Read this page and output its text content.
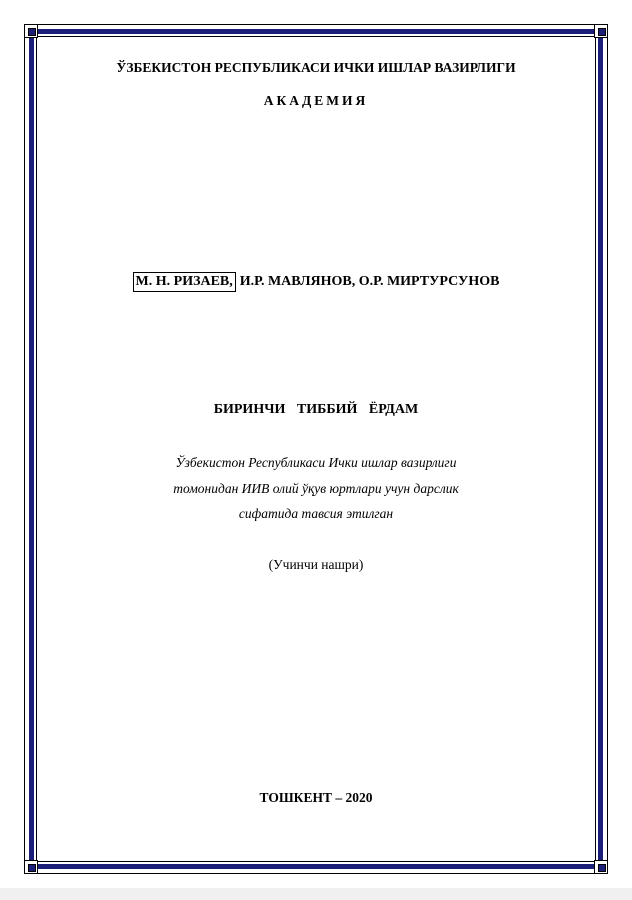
ЎЗБЕКИСТОН РЕСПУБЛИКАСИ ИЧКИ ИШЛАР ВАЗИРЛИГИ
АКАДЕМИЯ
М. Н. РИЗАЕВ, И.Р. МАВЛЯНОВ, О.Р. МИРТУРСУНОВ
БИРИНЧИ ТИББИЙ ЁРДАМ
Ўзбекистон Республикаси Ички ишлар вазирлиги
томонидан ИИВ олий ўқув юртлари учун дарслик
сифатида тавсия этилган
(Учинчи нашри)
ТОШКЕНТ – 2020
